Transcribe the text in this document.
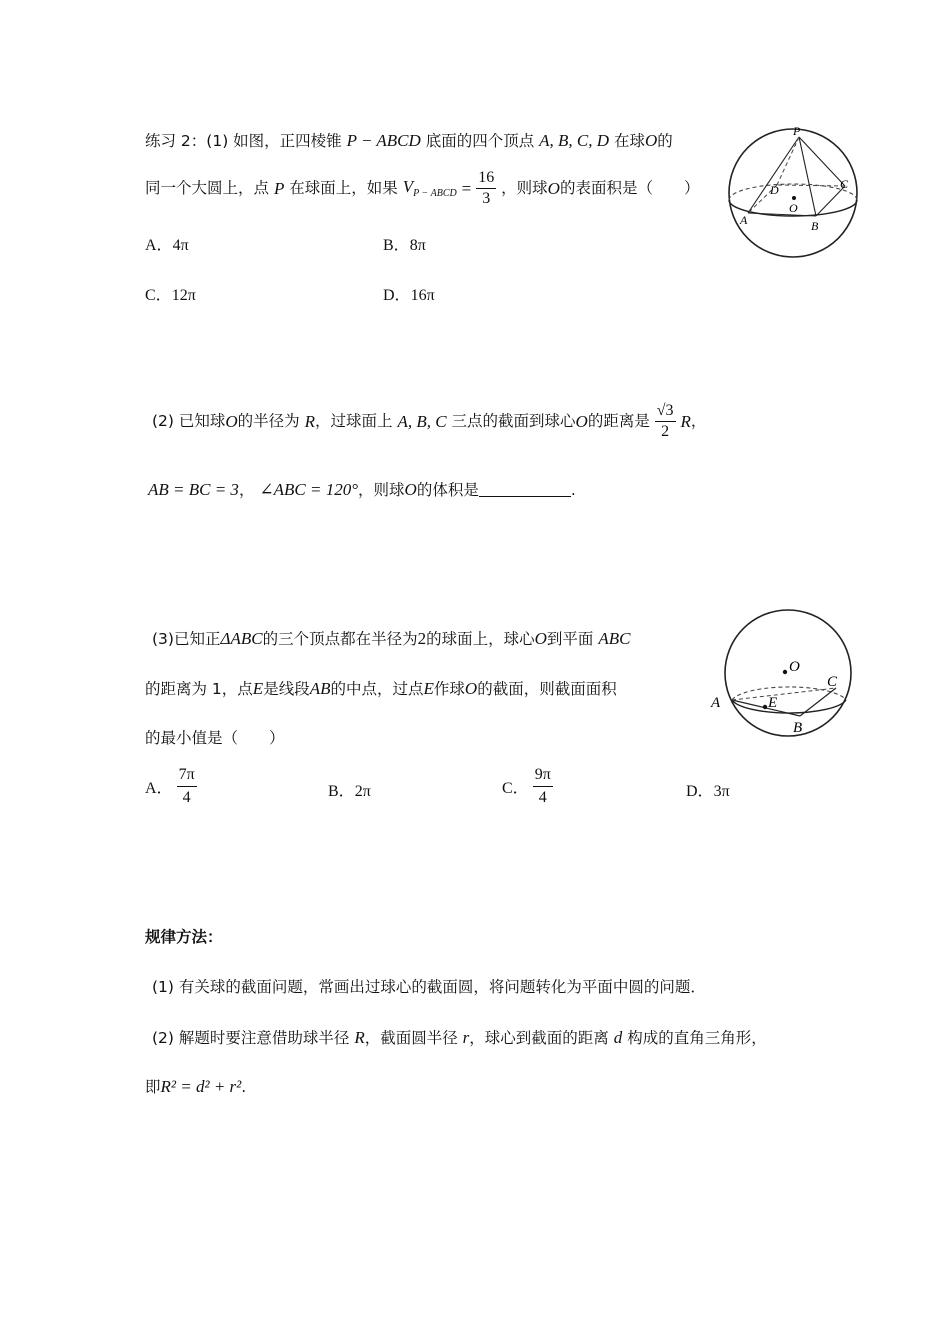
练习 2：(1) 如图，正四棱锥 P − ABCD 底面的四个顶点 A, B, C, D 在球O的
同一个大圆上，点 P 在球面上，如果 $V_{P - ABCD} = \frac{16}{3}$ ，则球O的表面积是（　　）
A．4π	B．8π
C．12π	D．16π
P
D	C
O
A	B
(2) 已知球O的半径为 R，过球面上 A, B, C 三点的截面到球心O的距离是 $\frac{√3}{2}$ R，
AB = BC = 3， ∠ABC = 120°，则球O的体积是	.
(3)已知正ΔABC的三个顶点都在半径为2的球面上，球心O到平面 ABC
的距离为 1，点E是线段AB的中点，过点E作球O的截面，则截面面积
的最小值是（　　）
A． $\frac{7\pi}{4}$	B．2π	C． $\frac{9\pi}{4}$	D．3π
O
C
A	E
B
规律方法：
(1) 有关球的截面问题，常画出过球心的截面圆，将问题转化为平面中圆的问题．
(2) 解题时要注意借助球半径 R，截面圆半径 r，球心到截面的距离 d 构成的直角三角形，
即R² = d² + r².
